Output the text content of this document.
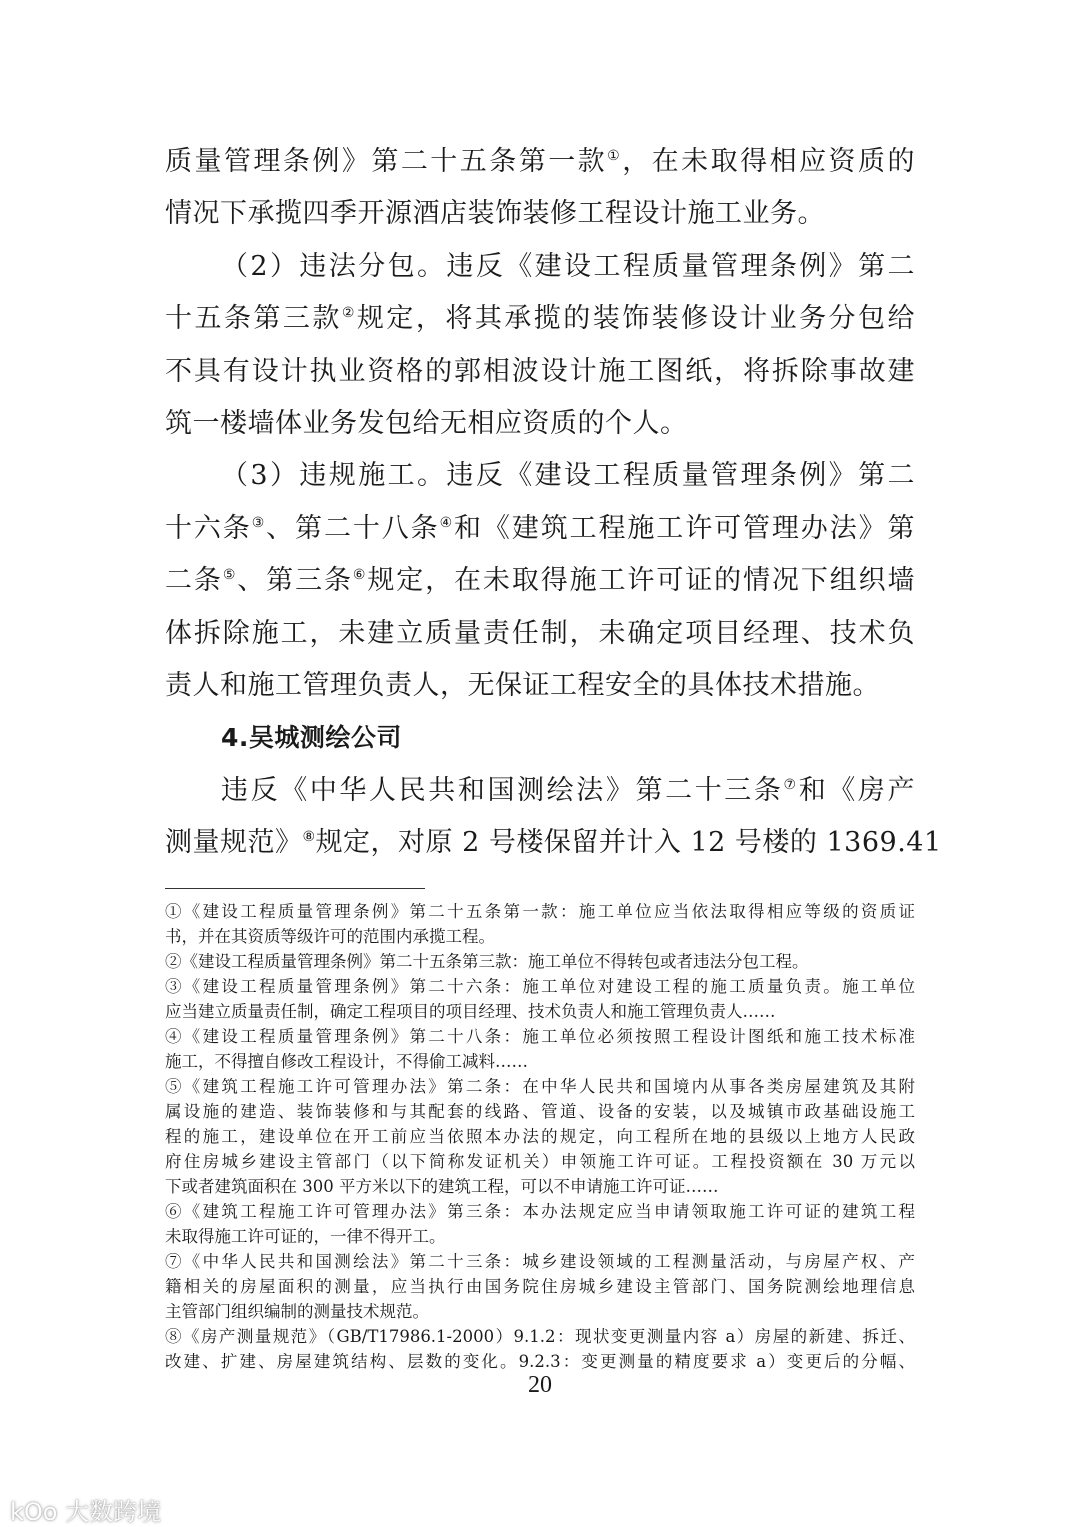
质量管理条例》第二十五条第一款①，在未取得相应资质的
情况下承揽四季开源酒店装饰装修工程设计施工业务。
（2）违法分包。违反《建设工程质量管理条例》第二
十五条第三款②规定，将其承揽的装饰装修设计业务分包给
不具有设计执业资格的郭相波设计施工图纸，将拆除事故建
筑一楼墙体业务发包给无相应资质的个人。
（3）违规施工。违反《建设工程质量管理条例》第二
十六条③、第二十八条④和《建筑工程施工许可管理办法》第
二条⑤、第三条⑥规定，在未取得施工许可证的情况下组织墙
体拆除施工，未建立质量责任制，未确定项目经理、技术负
责人和施工管理负责人，无保证工程安全的具体技术措施。
4.吴城测绘公司
违反《中华人民共和国测绘法》第二十三条⑦和《房产
测量规范》⑧规定，对原 2 号楼保留并计入 12 号楼的 1369.41
①《建设工程质量管理条例》第二十五条第一款：施工单位应当依法取得相应等级的资质证
书，并在其资质等级许可的范围内承揽工程。
②《建设工程质量管理条例》第二十五条第三款：施工单位不得转包或者违法分包工程。
③《建设工程质量管理条例》第二十六条：施工单位对建设工程的施工质量负责。施工单位
应当建立质量责任制，确定工程项目的项目经理、技术负责人和施工管理负责人……
④《建设工程质量管理条例》第二十八条：施工单位必须按照工程设计图纸和施工技术标准
施工，不得擅自修改工程设计，不得偷工减料……
⑤《建筑工程施工许可管理办法》第二条：在中华人民共和国境内从事各类房屋建筑及其附
属设施的建造、装饰装修和与其配套的线路、管道、设备的安装，以及城镇市政基础设施工
程的施工，建设单位在开工前应当依照本办法的规定，向工程所在地的县级以上地方人民政
府住房城乡建设主管部门（以下简称发证机关）申领施工许可证。工程投资额在 30 万元以
下或者建筑面积在 300 平方米以下的建筑工程，可以不申请施工许可证……
⑥《建筑工程施工许可管理办法》第三条：本办法规定应当申请领取施工许可证的建筑工程
未取得施工许可证的，一律不得开工。
⑦《中华人民共和国测绘法》第二十三条：城乡建设领域的工程测量活动，与房屋产权、产
籍相关的房屋面积的测量，应当执行由国务院住房城乡建设主管部门、国务院测绘地理信息
主管部门组织编制的测量技术规范。
⑧《房产测量规范》（GB/T17986.1-2000）9.1.2：现状变更测量内容 a）房屋的新建、拆迁、
改建、扩建、房屋建筑结构、层数的变化。9.2.3：变更测量的精度要求 a）变更后的分幅、
20
kOo 大数跨境
